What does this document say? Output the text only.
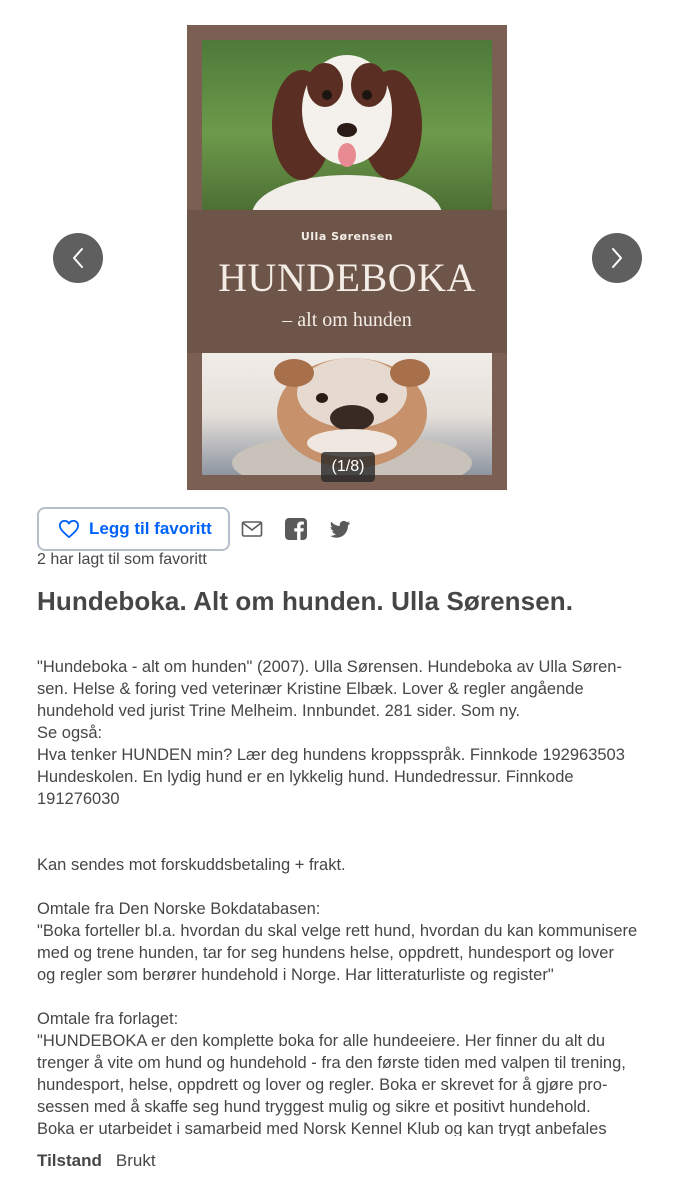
Ulla Sørensen
HUNDEBOKA
– alt om hunden
(1/8)
Legg til favoritt
2 har lagt til som favoritt
Hundeboka. Alt om hunden. Ulla Sørensen.

"Hundeboka - alt om hunden" (2007). Ulla Sørensen. Hundeboka av Ulla Søren-
sen. Helse & foring ved veterinær Kristine Elbæk. Lover & regler angående
hundehold ved jurist Trine Melheim. Innbundet. 281 sider. Som ny.
Se også:
Hva tenker HUNDEN min? Lær deg hundens kroppsspråk. Finnkode 192963503
Hundeskolen. En lydig hund er en lykkelig hund. Hundedressur. Finnkode
191276030

Kan sendes mot forskuddsbetaling + frakt.

Omtale fra Den Norske Bokdatabasen:
"Boka forteller bl.a. hvordan du skal velge rett hund, hvordan du kan kommunisere
med og trene hunden, tar for seg hundens helse, oppdrett, hundesport og lover
og regler som berører hundehold i Norge. Har litteraturliste og register"

Omtale fra forlaget:
"HUNDEBOKA er den komplette boka for alle hundeeiere. Her finner du alt du
trenger å vite om hund og hundehold - fra den første tiden med valpen til trening,
hundesport, helse, oppdrett og lover og regler. Boka er skrevet for å gjøre pro-
sessen med å skaffe seg hund tryggest mulig og sikre et positivt hundehold.
Boka er utarbeidet i samarbeid med Norsk Kennel Klub og kan trygt anbefales

Tilstand Brukt
